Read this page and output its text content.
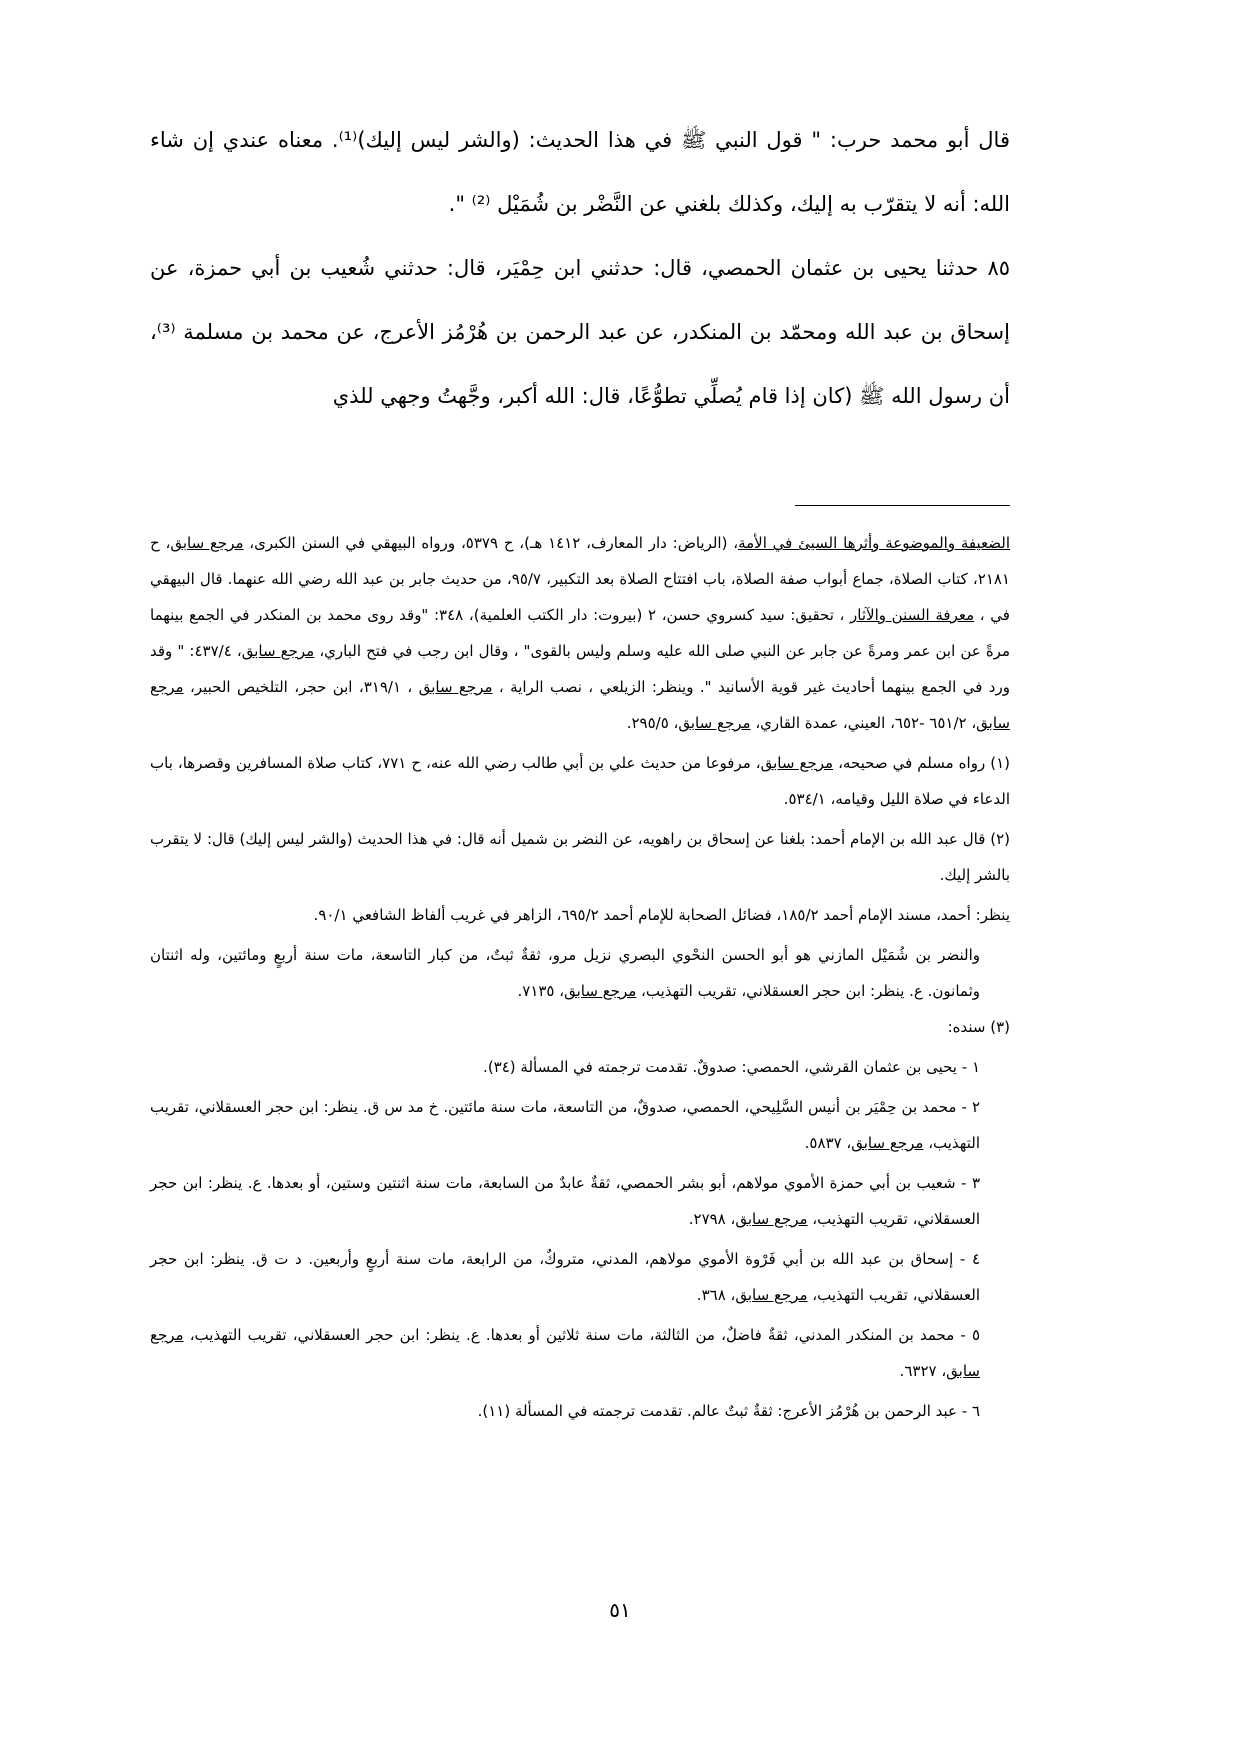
قال أبو محمد حرب: " قول النبي ﷺ في هذا الحديث: (والشر ليس إليك)⁽¹⁾. معناه عندي إن شاء الله: أنه لا يتقرّب به إليك، وكذلك بلغني عن النَّضْر بن شُمَيْل ⁽²⁾ ".

٨٥ حدثنا يحيى بن عثمان الحمصي، قال: حدثني ابن حِمْيَر، قال: حدثني شُعيب بن أبي حمزة، عن إسحاق بن عبد الله ومحمّد بن المنكدر، عن عبد الرحمن بن هُرْمُز الأعرج، عن محمد بن مسلمة ⁽³⁾، أن رسول الله ﷺ (كان إذا قام يُصلِّي تطوُّعًا، قال: الله أكبر، وجَّهتُ وجهي للذي

الضعيفة والموضوعة وأثرها السيئ في الأمة، (الرياض: دار المعارف، ١٤١٢ هـ)، ح ٥٣٧٩، ورواه البيهقي في السنن الكبرى، مرجع سابق، ح ٢١٨١، كتاب الصلاة، جماع أبواب صفة الصلاة، باب افتتاح الصلاة بعد التكبير، ٩٥/٧، من حديث جابر بن عبد الله رضي الله عنهما. قال البيهقي في ، معرفة السنن والآثار ، تحقيق: سيد كسروي حسن، ٢ (بيروت: دار الكتب العلمية)، ٣٤٨: "وقد روى محمد بن المنكدر في الجمع بينهما مرةً عن ابن عمر ومرةً عن جابر عن النبي صلى الله عليه وسلم وليس بالقوى" ، وقال ابن رجب في فتح الباري، مرجع سابق، ٤٣٧/٤: " وقد ورد في الجمع بينهما أحاديث غير قوية الأسانيد ". وينظر: الزيلعي ، نصب الراية ، مرجع سابق ، ٣١٩/١، ابن حجر، التلخيص الحبير، مرجع سابق، ٦٥١/٢ -٦٥٢، العيني، عمدة القاري، مرجع سابق، ٢٩٥/٥.

(١) رواه مسلم في صحيحه، مرجع سابق، مرفوعا من حديث علي بن أبي طالب رضي الله عنه، ح ٧٧١، كتاب صلاة المسافرين وقصرها، باب الدعاء في صلاة الليل وقيامه، ٥٣٤/١.

(٢) قال عبد الله بن الإمام أحمد: بلغنا عن إسحاق بن راهويه، عن النضر بن شميل أنه قال: في هذا الحديث (والشر ليس إليك) قال: لا يتقرب بالشر إليك.

ينظر: أحمد، مسند الإمام أحمد ١٨٥/٢، فضائل الصحابة للإمام أحمد ٦٩٥/٢، الزاهر في غريب ألفاظ الشافعي ٩٠/١.

والنضر بن شُمَيْل المازني هو أبو الحسن النحْوي البصري نزيل مرو، ثقةٌ ثبتٌ، من كبار التاسعة، مات سنة أربعٍ ومائتين، وله اثنتان وثمانون. ع. ينظر: ابن حجر العسقلاني، تقريب التهذيب، مرجع سابق، ٧١٣٥.

(٣) سنده:

١ - يحيى بن عثمان القرشي، الحمصي: صدوقٌ. تقدمت ترجمته في المسألة (٣٤).

٢ - محمد بن حِمْيَر بن أنيس السَّلِيحي، الحمصي، صدوقٌ، من التاسعة، مات سنة مائتين. خ مد س ق. ينظر: ابن حجر العسقلاني، تقريب التهذيب، مرجع سابق، ٥٨٣٧.

٣ - شعيب بن أبي حمزة الأموي مولاهم، أبو بشر الحمصي، ثقةٌ عابدٌ من السابعة، مات سنة اثنتين وستين، أو بعدها. ع. ينظر: ابن حجر العسقلاني، تقريب التهذيب، مرجع سابق، ٢٧٩٨.

٤ - إسحاق بن عبد الله بن أبي فَرْوة الأموي مولاهم، المدني، متروكٌ، من الرابعة، مات سنة أربعٍ وأربعين. د ت ق. ينظر: ابن حجر العسقلاني، تقريب التهذيب، مرجع سابق، ٣٦٨.

٥ - محمد بن المنكدر المدني، ثقةٌ فاضلٌ، من الثالثة، مات سنة ثلاثين أو بعدها. ع. ينظر: ابن حجر العسقلاني، تقريب التهذيب، مرجع سابق، ٦٣٢٧.

٦ - عبد الرحمن بن هُرْمُز الأعرج: ثقةٌ ثبتٌ عالم. تقدمت ترجمته في المسألة (١١).

٥١
